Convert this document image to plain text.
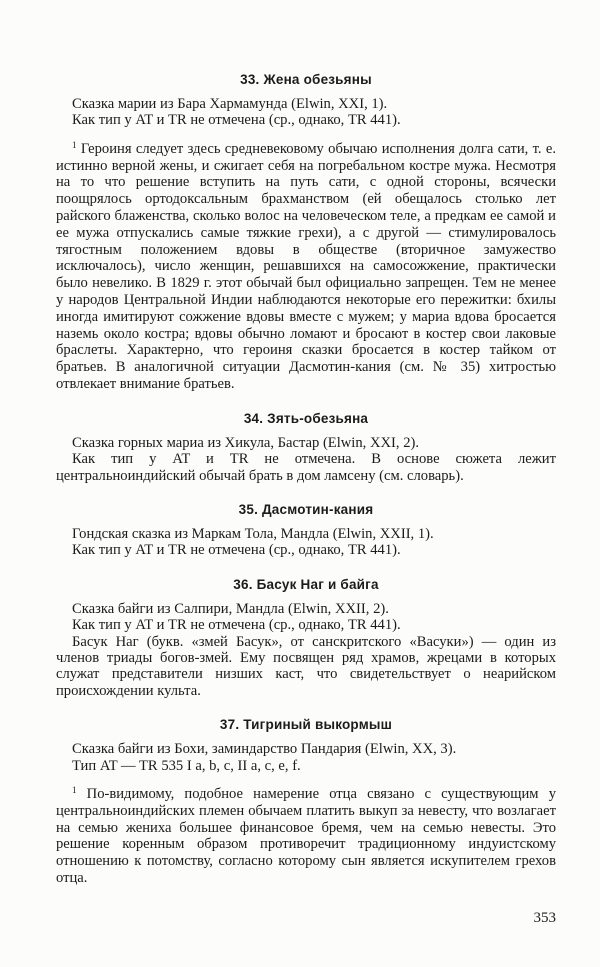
33. Жена обезьяны

Сказка марии из Бара Хармамунда (Elwin, XXI, 1).

Как тип у AT и TR не отмечена (ср., однако, TR 441).

$^1$ Героиня следует здесь средневековому обычаю исполнения долга сати, т. е. истинно верной жены, и сжигает себя на погребальном костре мужа. Несмотря на то что решение вступить на путь сати, с одной стороны, всячески поощрялось ортодоксальным брахманством (ей обещалось столько лет райского блаженства, сколько волос на человеческом теле, а предкам ее самой и ее мужа отпускались самые тяжкие грехи), а с другой — стимулировалось тягостным положением вдовы в обществе (вторичное замужество исключалось), число женщин, решавшихся на самосожжение, практически было невелико. В 1829 г. этот обычай был официально запрещен. Тем не менее у народов Центральной Индии наблюдаются некоторые его пережитки: бхилы иногда имитируют сожжение вдовы вместе с мужем; у мариа вдова бросается наземь около костра; вдовы обычно ломают и бросают в костер свои лаковые браслеты. Характерно, что героиня сказки бросается в костер тайком от братьев. В аналогичной ситуации Дасмотин-кания (см. № 35) хитростью отвлекает внимание братьев.

34. Зять-обезьяна

Сказка горных мариа из Хикула, Бастар (Elwin, XXI, 2).

Как тип у AT и TR не отмечена. В основе сюжета лежит центральноиндийский обычай брать в дом ламсену (см. словарь).

35. Дасмотин-кания

Гондская сказка из Маркам Тола, Мандла (Elwin, XXII, 1).

Как тип у AT и TR не отмечена (ср., однако, TR 441).

36. Басук Наг и байга

Сказка байги из Салпири, Мандла (Elwin, XXII, 2).

Как тип у AT и TR не отмечена (ср., однако, TR 441).

Басук Наг (букв. «змей Басук», от санскритского «Васуки») — один из членов триады богов-змей. Ему посвящен ряд храмов, жрецами в которых служат представители низших каст, что свидетельствует о неарийском происхождении культа.

37. Тигриный выкормыш

Сказка байги из Бохи, заминдарство Пандария (Elwin, XX, 3).

Тип AT — TR 535 I a, b, c, II a, c, e, f.

$^1$ По-видимому, подобное намерение отца связано с существующим у центральноиндийских племен обычаем платить выкуп за невесту, что возлагает на семью жениха большее финансовое бремя, чем на семью невесты. Это решение коренным образом противоречит традиционному индуистскому отношению к потомству, согласно которому сын является искупителем грехов отца.

353
